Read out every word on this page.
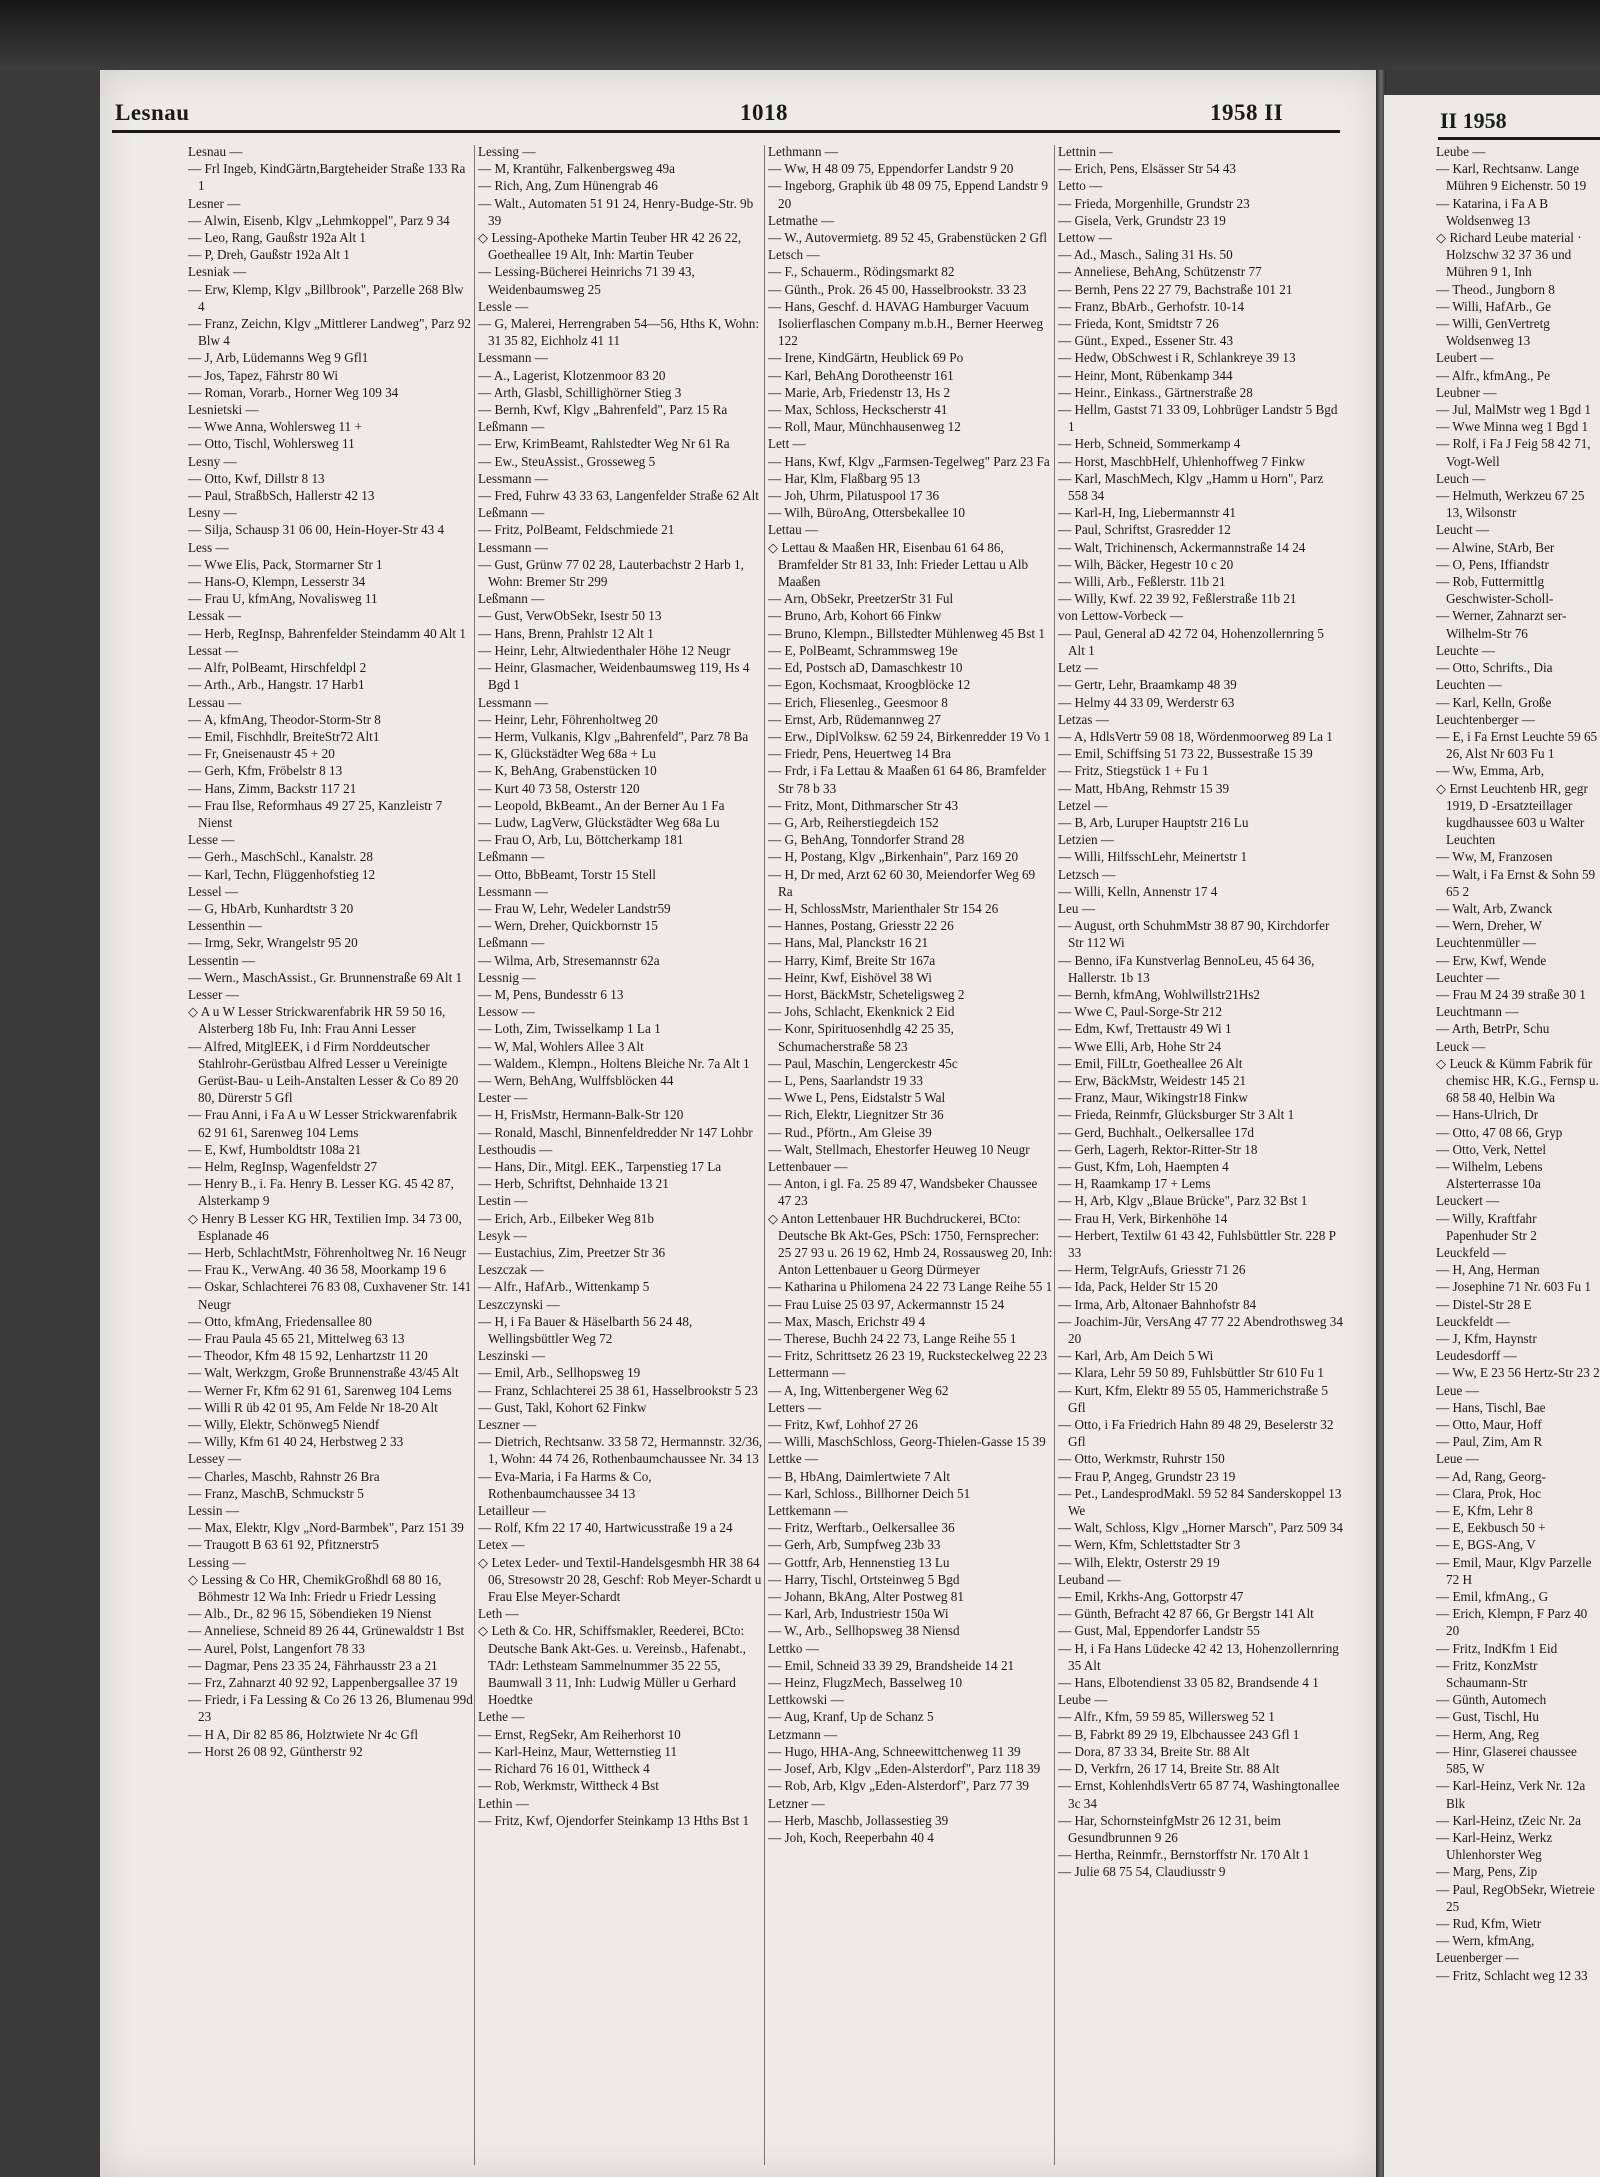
Lesnau	1018	1958 II	II 1958

Lesnau —

— Frl Ingeb, KindGärtn,Bargteheider Straße 133 Ra 1

Lesner —

— Alwin, Eisenb, Klgv „Lehmkoppel", Parz 9 34

— Leo, Rang, Gaußstr 192a Alt 1

— P, Dreh, Gaußstr 192a Alt 1

Lesniak —

— Erw, Klemp, Klgv „Billbrook", Parzelle 268 Blw 4

— Franz, Zeichn, Klgv „Mittlerer Landweg", Parz 92 Blw 4

— J, Arb, Lüdemanns Weg 9 Gfl1

— Jos, Tapez, Fährstr 80 Wi

— Roman, Vorarb., Horner Weg 109 34

Lesnietski —

— Wwe Anna, Wohlersweg 11 +

— Otto, Tischl, Wohlersweg 11

Lesny —

— Otto, Kwf, Dillstr 8 13

— Paul, StraßbSch, Hallerstr 42 13

Lesny —

— Silja, Schausp 31 06 00, Hein-Hoyer-Str 43 4

Less —

— Wwe Elis, Pack, Stormarner Str 1

— Hans-O, Klempn, Lesserstr 34

— Frau U, kfmAng, Novalisweg 11

Lessak —

— Herb, RegInsp, Bahrenfelder Steindamm 40 Alt 1

Lessat —

— Alfr, PolBeamt, Hirschfeldpl 2

— Arth., Arb., Hangstr. 17 Harb1

Lessau —

— A, kfmAng, Theodor-Storm-Str 8

— Emil, Fischhdlr, BreiteStr72 Alt1

— Fr, Gneisenaustr 45 + 20

— Gerh, Kfm, Fröbelstr 8 13

— Hans, Zimm, Backstr 117 21

— Frau Ilse, Reformhaus 49 27 25, Kanzleistr 7 Nienst

Lesse —

— Gerh., MaschSchl., Kanalstr. 28

— Karl, Techn, Flüggenhofstieg 12

Lessel —

— G, HbArb, Kunhardtstr 3 20

Lessenthin —

— Irmg, Sekr, Wrangelstr 95 20

Lessentin —

— Wern., MaschAssist., Gr. Brunnenstraße 69 Alt 1

Lesser —

◇ A u W Lesser Strickwarenfabrik HR 59 50 16, Alsterberg 18b Fu, Inh: Frau Anni Lesser

— Alfred, MitglEEK, i d Firm Norddeutscher Stahlrohr-Gerüstbau Alfred Lesser u Vereinigte Gerüst-Bau- u Leih-Anstalten Lesser & Co 89 20 80, Dürerstr 5 Gfl

— Frau Anni, i Fa A u W Lesser Strickwarenfabrik 62 91 61, Sarenweg 104 Lems

— E, Kwf, Humboldtstr 108a 21

— Helm, RegInsp, Wagenfeldstr 27

— Henry B., i. Fa. Henry B. Lesser KG. 45 42 87, Alsterkamp 9

◇ Henry B Lesser KG HR, Textilien Imp. 34 73 00, Esplanade 46

— Herb, SchlachtMstr, Föhrenholtweg Nr. 16 Neugr

— Frau K., VerwAng. 40 36 58, Moorkamp 19 6

— Oskar, Schlachterei 76 83 08, Cuxhavener Str. 141 Neugr

— Otto, kfmAng, Friedensallee 80

— Frau Paula 45 65 21, Mittelweg 63 13

— Theodor, Kfm 48 15 92, Lenhartzstr 11 20

— Walt, Werkzgm, Große Brunnenstraße 43/45 Alt

— Werner Fr, Kfm 62 91 61, Sarenweg 104 Lems

— Willi R üb 42 01 95, Am Felde Nr 18-20 Alt

— Willy, Elektr, Schönweg5 Niendf

— Willy, Kfm 61 40 24, Herbstweg 2 33

Lessey —

— Charles, Maschb, Rahnstr 26 Bra

— Franz, MaschB, Schmuckstr 5

Lessin —

— Max, Elektr, Klgv „Nord-Barmbek", Parz 151 39

— Traugott B 63 61 92, Pfitznerstr5

Lessing —

◇ Lessing & Co HR, ChemikGroßhdl 68 80 16, Böhmestr 12 Wa Inh: Friedr u Friedr Lessing

— Alb., Dr., 82 96 15, Söbendieken 19 Nienst

— Anneliese, Schneid 89 26 44, Grünewaldstr 1 Bst

— Aurel, Polst, Langenfort 78 33

— Dagmar, Pens 23 35 24, Fährhausstr 23 a 21

— Frz, Zahnarzt 40 92 92, Lappenbergsallee 37 19

— Friedr, i Fa Lessing & Co 26 13 26, Blumenau 99d 23

— H A, Dir 82 85 86, Holztwiete Nr 4c Gfl

— Horst 26 08 92, Güntherstr 92

Lessing —

— M, Krantühr, Falkenbergsweg 49a

— Rich, Ang, Zum Hünengrab 46

— Walt., Automaten 51 91 24, Henry-Budge-Str. 9b 39

◇ Lessing-Apotheke Martin Teuber HR 42 26 22, Goetheallee 19 Alt, Inh: Martin Teuber

— Lessing-Bücherei Heinrichs 71 39 43, Weidenbaumsweg 25

Lessle —

— G, Malerei, Herrengraben 54—56, Hths K, Wohn: 31 35 82, Eichholz 41 11

Lessmann —

— A., Lagerist, Klotzenmoor 83 20

— Arth, Glasbl, Schillighörner Stieg 3

— Bernh, Kwf, Klgv „Bahrenfeld", Parz 15 Ra

Leßmann —

— Erw, KrimBeamt, Rahlstedter Weg Nr 61 Ra

— Ew., SteuAssist., Grosseweg 5

Lessmann —

— Fred, Fuhrw 43 33 63, Langenfelder Straße 62 Alt

Leßmann —

— Fritz, PolBeamt, Feldschmiede 21

Lessmann —

— Gust, Grünw 77 02 28, Lauterbachstr 2 Harb 1, Wohn: Bremer Str 299

Leßmann —

— Gust, VerwObSekr, Isestr 50 13

— Hans, Brenn, Prahlstr 12 Alt 1

— Heinr, Lehr, Altwiedenthaler Höhe 12 Neugr

— Heinr, Glasmacher, Weidenbaumsweg 119, Hs 4 Bgd 1

Lessmann —

— Heinr, Lehr, Föhrenholtweg 20

— Herm, Vulkanis, Klgv „Bahrenfeld", Parz 78 Ba

— K, Glückstädter Weg 68a + Lu

— K, BehAng, Grabenstücken 10

— Kurt 40 73 58, Osterstr 120

— Leopold, BkBeamt., An der Berner Au 1 Fa

— Ludw, LagVerw, Glückstädter Weg 68a Lu

— Frau O, Arb, Lu, Böttcherkamp 181

Leßmann —

— Otto, BbBeamt, Torstr 15 Stell

Lessmann —

— Frau W, Lehr, Wedeler Landstr59

— Wern, Dreher, Quickbornstr 15

Leßmann —

— Wilma, Arb, Stresemannstr 62a

Lessnig —

— M, Pens, Bundesstr 6 13

Lessow —

— Loth, Zim, Twisselkamp 1 La 1

— W, Mal, Wohlers Allee 3 Alt

— Waldem., Klempn., Holtens Bleiche Nr. 7a Alt 1

— Wern, BehAng, Wulffsblöcken 44

Lester —

— H, FrisMstr, Hermann-Balk-Str 120

— Ronald, Maschl, Binnenfeldredder Nr 147 Lohbr

Lesthoudis —

— Hans, Dir., Mitgl. EEK., Tarpenstieg 17 La

— Herb, Schriftst, Dehnhaide 13 21

Lestin —

— Erich, Arb., Eilbeker Weg 81b

Lesyk —

— Eustachius, Zim, Preetzer Str 36

Leszczak —

— Alfr., HafArb., Wittenkamp 5

Leszczynski —

— H, i Fa Bauer & Häselbarth 56 24 48, Wellingsbüttler Weg 72

Leszinski —

— Emil, Arb., Sellhopsweg 19

— Franz, Schlachterei 25 38 61, Hasselbrookstr 5 23

— Gust, Takl, Kohort 62 Finkw

Leszner —

— Dietrich, Rechtsanw. 33 58 72, Hermannstr. 32/36, 1, Wohn: 44 74 26, Rothenbaumchaussee Nr. 34 13

— Eva-Maria, i Fa Harms & Co, Rothenbaumchaussee 34 13

Letailleur —

— Rolf, Kfm 22 17 40, Hartwicusstraße 19 a 24

Letex —

◇ Letex Leder- und Textil-Handelsgesmbh HR 38 64 06, Stresowstr 20 28, Geschf: Rob Meyer-Schardt u Frau Else Meyer-Schardt

Leth —

◇ Leth & Co. HR, Schiffsmakler, Reederei, BCto: Deutsche Bank Akt-Ges. u. Vereinsb., Hafenabt., TAdr: Lethsteam Sammelnummer 35 22 55, Baumwall 3 11, Inh: Ludwig Müller u Gerhard Hoedtke

Lethe —

— Ernst, RegSekr, Am Reiherhorst 10

— Karl-Heinz, Maur, Wetternstieg 11

— Richard 76 16 01, Wittheck 4

— Rob, Werkmstr, Wittheck 4 Bst

Lethin —

— Fritz, Kwf, Ojendorfer Steinkamp 13 Hths Bst 1

Lethmann —

— Ww, H 48 09 75, Eppendorfer Landstr 9 20

— Ingeborg, Graphik üb 48 09 75, Eppend Landstr 9 20

Letmathe —

— W., Autovermietg. 89 52 45, Grabenstücken 2 Gfl

Letsch —

— F., Schauerm., Rödingsmarkt 82

— Günth., Prok. 26 45 00, Hasselbrookstr. 33 23

— Hans, Geschf. d. HAVAG Hamburger Vacuum Isolierflaschen Company m.b.H., Berner Heerweg 122

— Irene, KindGärtn, Heublick 69 Po

— Karl, BehAng Dorotheenstr 161

— Marie, Arb, Friedenstr 13, Hs 2

— Max, Schloss, Heckscherstr 41

— Roll, Maur, Münchhausenweg 12

Lett —

— Hans, Kwf, Klgv „Farmsen-Tegelweg" Parz 23 Fa

— Har, Klm, Flaßbarg 95 13

— Joh, Uhrm, Pilatuspool 17 36

— Wilh, BüroAng, Ottersbekallee 10

Lettau —

◇ Lettau & Maaßen HR, Eisenbau 61 64 86, Bramfelder Str 81 33, Inh: Frieder Lettau u Alb Maaßen

— Arn, ObSekr, PreetzerStr 31 Ful

— Bruno, Arb, Kohort 66 Finkw

— Bruno, Klempn., Billstedter Mühlenweg 45 Bst 1

— E, PolBeamt, Schrammsweg 19e

— Ed, Postsch aD, Damaschkestr 10

— Egon, Kochsmaat, Kroogblöcke 12

— Erich, Fliesenleg., Geesmoor 8

— Ernst, Arb, Rüdemannweg 27

— Erw., DiplVolksw. 62 59 24, Birkenredder 19 Vo 1

— Friedr, Pens, Heuertweg 14 Bra

— Frdr, i Fa Lettau & Maaßen 61 64 86, Bramfelder Str 78 b 33

— Fritz, Mont, Dithmarscher Str 43

— G, Arb, Reiherstiegdeich 152

— G, BehAng, Tonndorfer Strand 28

— H, Postang, Klgv „Birkenhain", Parz 169 20

— H, Dr med, Arzt 62 60 30, Meiendorfer Weg 69 Ra

— H, SchlossMstr, Marienthaler Str 154 26

— Hannes, Postang, Griesstr 22 26

— Hans, Mal, Planckstr 16 21

— Harry, Kimf, Breite Str 167a

— Heinr, Kwf, Eishövel 38 Wi

— Horst, BäckMstr, Scheteligsweg 2

— Johs, Schlacht, Ekenknick 2 Eid

— Konr, Spirituosenhdlg 42 25 35, Schumacherstraße 58 23

— Paul, Maschin, Lengerckestr 45c

— L, Pens, Saarlandstr 19 33

— Wwe L, Pens, Eidstalstr 5 Wal

— Rich, Elektr, Liegnitzer Str 36

— Rud., Pförtn., Am Gleise 39

— Walt, Stellmach, Ehestorfer Heuweg 10 Neugr

Lettenbauer —

— Anton, i gl. Fa. 25 89 47, Wandsbeker Chaussee 47 23

◇ Anton Lettenbauer HR Buchdruckerei, BCto: Deutsche Bk Akt-Ges, PSch: 1750, Fernsprecher: 25 27 93 u. 26 19 62, Hmb 24, Rossausweg 20, Inh: Anton Lettenbauer u Georg Dürmeyer

— Katharina u Philomena 24 22 73 Lange Reihe 55 1

— Frau Luise 25 03 97, Ackermannstr 15 24

— Max, Masch, Erichstr 49 4

— Therese, Buchh 24 22 73, Lange Reihe 55 1

— Fritz, Schrittsetz 26 23 19, Rucksteckelweg 22 23

Lettermann —

— A, Ing, Wittenbergener Weg 62

Letters —

— Fritz, Kwf, Lohhof 27 26

— Willi, MaschSchloss, Georg-Thielen-Gasse 15 39

Lettke —

— B, HbAng, Daimlertwiete 7 Alt

— Karl, Schloss., Billhorner Deich 51

Lettkemann —

— Fritz, Werftarb., Oelkersallee 36

— Gerh, Arb, Sumpfweg 23b 33

— Gottfr, Arb, Hennenstieg 13 Lu

— Harry, Tischl, Ortsteinweg 5 Bgd

— Johann, BkAng, Alter Postweg 81

— Karl, Arb, Industriestr 150a Wi

— W., Arb., Sellhopsweg 38 Niensd

Lettko —

— Emil, Schneid 33 39 29, Brandsheide 14 21

— Heinz, FlugzMech, Basselweg 10

Lettkowski —

— Aug, Kranf, Up de Schanz 5

Letzmann —

— Hugo, HHA-Ang, Schneewittchenweg 11 39

— Josef, Arb, Klgv „Eden-Alsterdorf", Parz 118 39

— Rob, Arb, Klgv „Eden-Alsterdorf", Parz 77 39

Letzner —

— Herb, Maschb, Jollassestieg 39

— Joh, Koch, Reeperbahn 40 4

Lettnin —

— Erich, Pens, Elsässer Str 54 43

Letto —

— Frieda, Morgenhille, Grundstr 23

— Gisela, Verk, Grundstr 23 19

Lettow —

— Ad., Masch., Saling 31 Hs. 50

— Anneliese, BehAng, Schützenstr 77

— Bernh, Pens 22 27 79, Bachstraße 101 21

— Franz, BbArb., Gerhofstr. 10-14

— Frieda, Kont, Smidtstr 7 26

— Günt., Exped., Essener Str. 43

— Hedw, ObSchwest i R, Schlankreye 39 13

— Heinr, Mont, Rübenkamp 344

— Heinr., Einkass., Gärtnerstraße 28

— Hellm, Gastst 71 33 09, Lohbrüger Landstr 5 Bgd 1

— Herb, Schneid, Sommerkamp 4

— Horst, MaschbHelf, Uhlenhoffweg 7 Finkw

— Karl, MaschMech, Klgv „Hamm u Horn", Parz 558 34

— Karl-H, Ing, Liebermannstr 41

— Paul, Schriftst, Grasredder 12

— Walt, Trichinensch, Ackermannstraße 14 24

— Wilh, Bäcker, Hegestr 10 c 20

— Willi, Arb., Feßlerstr. 11b 21

— Willy, Kwf. 22 39 92, Feßlerstraße 11b 21

von Lettow-Vorbeck —

— Paul, General aD 42 72 04, Hohenzollernring 5 Alt 1

Letz —

— Gertr, Lehr, Braamkamp 48 39

— Helmy 44 33 09, Werderstr 63

Letzas —

— A, HdlsVertr 59 08 18, Wördenmoorweg 89 La 1

— Emil, Schiffsing 51 73 22, Bussestraße 15 39

— Fritz, Stiegstück 1 + Fu 1

— Matt, HbAng, Rehmstr 15 39

Letzel —

— B, Arb, Luruper Hauptstr 216 Lu

Letzien —

— Willi, HilfsschLehr, Meinertstr 1

Letzsch —

— Willi, Kelln, Annenstr 17 4

Leu —

— August, orth SchuhmMstr 38 87 90, Kirchdorfer Str 112 Wi

— Benno, iFa Kunstverlag BennoLeu, 45 64 36, Hallerstr. 1b 13

— Bernh, kfmAng, Wohlwillstr21Hs2

— Wwe C, Paul-Sorge-Str 212

— Edm, Kwf, Trettaustr 49 Wi 1

— Wwe Elli, Arb, Hohe Str 24

— Emil, FilLtr, Goetheallee 26 Alt

— Erw, BäckMstr, Weidestr 145 21

— Franz, Maur, Wikingstr18 Finkw

— Frieda, Reinmfr, Glücksburger Str 3 Alt 1

— Gerd, Buchhalt., Oelkersallee 17d

— Gerh, Lagerh, Rektor-Ritter-Str 18

— Gust, Kfm, Loh, Haempten 4

— H, Raamkamp 17 + Lems

— H, Arb, Klgv „Blaue Brücke", Parz 32 Bst 1

— Frau H, Verk, Birkenhöhe 14

— Herbert, Textilw 61 43 42, Fuhlsbüttler Str. 228 P 33

— Herm, TelgrAufs, Griesstr 71 26

— Ida, Pack, Helder Str 15 20

— Irma, Arb, Altonaer Bahnhofstr 84

— Joachim-Jür, VersAng 47 77 22 Abendrothsweg 34 20

— Karl, Arb, Am Deich 5 Wi

— Klara, Lehr 59 50 89, Fuhlsbüttler Str 610 Fu 1

— Kurt, Kfm, Elektr 89 55 05, Hammerichstraße 5 Gfl

— Otto, i Fa Friedrich Hahn 89 48 29, Beselerstr 32 Gfl

— Otto, Werkmstr, Ruhrstr 150

— Frau P, Angeg, Grundstr 23 19

— Pet., LandesprodMakl. 59 52 84 Sanderskoppel 13 We

— Walt, Schloss, Klgv „Horner Marsch", Parz 509 34

— Wern, Kfm, Schlettstadter Str 3

— Wilh, Elektr, Osterstr 29 19

Leuband —

— Emil, Krkhs-Ang, Gottorpstr 47

— Günth, Befracht 42 87 66, Gr Bergstr 141 Alt

— Gust, Mal, Eppendorfer Landstr 55

— H, i Fa Hans Lüdecke 42 42 13, Hohenzollernring 35 Alt

— Hans, Elbotendienst 33 05 82, Brandsende 4 1

Leube —

— Alfr., Kfm, 59 59 85, Willersweg 52 1

— B, Fabrkt 89 29 19, Elbchaussee 243 Gfl 1

— Dora, 87 33 34, Breite Str. 88 Alt

— D, Verkfrn, 26 17 14, Breite Str. 88 Alt

— Ernst, KohlenhdlsVertr 65 87 74, Washingtonallee 3c 34

— Har, SchornsteinfgMstr 26 12 31, beim Gesundbrunnen 9 26

— Hertha, Reinmfr., Bernstorffstr Nr. 170 Alt 1

— Julie 68 75 54, Claudiusstr 9

Leube —

— Karl, Rechtsanw. Lange Mühren 9 Eichenstr. 50 19

— Katarina, i Fa A B Woldsenweg 13

◇ Richard Leube material · Holzschw 32 37 36 und Mühren 9 1, Inh

— Theod., Jungborn 8

— Willi, HafArb., Ge

— Willi, GenVertretg Woldsenweg 13

Leubert —

— Alfr., kfmAng., Pe

Leubner —

— Jul, MalMstr weg 1 Bgd 1

— Wwe Minna weg 1 Bgd 1

— Rolf, i Fa J Feig 58 42 71, Vogt-Well

Leuch —

— Helmuth, Werkzeu 67 25 13, Wilsonstr

Leucht —

— Alwine, StArb, Ber

— O, Pens, Iffiandstr

— Rob, Futtermittlg Geschwister-Scholl-

— Werner, Zahnarzt ser-Wilhelm-Str 76

Leuchte —

— Otto, Schrifts., Dia

Leuchten —

— Karl, Kelln, Große

Leuchtenberger —

— E, i Fa Ernst Leuchte 59 65 26, Alst Nr 603 Fu 1

— Ww, Emma, Arb,

◇ Ernst Leuchtenb HR, gegr 1919, D -Ersatzteillager kugdhaussee 603 u Walter Leuchten

— Ww, M, Franzosen

— Walt, i Fa Ernst & Sohn 59 65 2

— Walt, Arb, Zwanck

— Wern, Dreher, W

Leuchtenmüller —

— Erw, Kwf, Wende

Leuchter —

— Frau M 24 39 straße 30 1

Leuchtmann —

— Arth, BetrPr, Schu

Leuck —

◇ Leuck & Kümm Fabrik für chemisc HR, K.G., Fernsp u. 68 58 40, Helbin Wa

— Hans-Ulrich, Dr

— Otto, 47 08 66, Gryp

— Otto, Verk, Nettel

— Wilhelm, Lebens Alsterterrasse 10a

Leuckert —

— Willy, Kraftfahr Papenhuder Str 2

Leuckfeld —

— H, Ang, Herman

— Josephine 71 Nr. 603 Fu 1

— Distel-Str 28 E

Leuckfeldt —

— J, Kfm, Haynstr

Leudesdorff —

— Ww, E 23 56 Hertz-Str 23 2

Leue —

— Hans, Tischl, Bae

— Otto, Maur, Hoff

— Paul, Zim, Am R

Leue —

— Ad, Rang, Georg-

— Clara, Prok, Hoc

— E, Kfm, Lehr 8

— E, Eekbusch 50 +

— E, BGS-Ang, V

— Emil, Maur, Klgv Parzelle 72 H

— Emil, kfmAng., G

— Erich, Klempn, F Parz 40 20

— Fritz, IndKfm 1 Eid

— Fritz, KonzMstr Schaumann-Str

— Günth, Automech

— Gust, Tischl, Hu

— Herm, Ang, Reg

— Hinr, Glaserei chaussee 585, W

— Karl-Heinz, Verk Nr. 12a Blk

— Karl-Heinz, tZeic Nr. 2a

— Karl-Heinz, Werkz Uhlenhorster Weg

— Marg, Pens, Zip

— Paul, RegObSekr, Wietreie 25

— Rud, Kfm, Wietr

— Wern, kfmAng,

Leuenberger —

— Fritz, Schlacht weg 12 33
